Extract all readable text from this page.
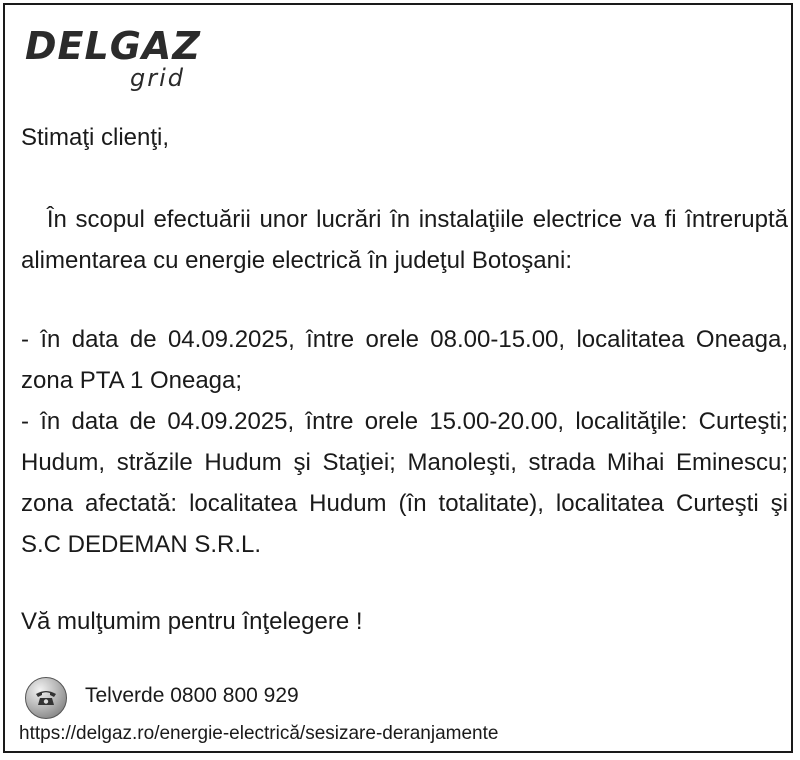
DELGAZ
grid

Stimaţi clienţi,

În scopul efectuării unor lucrări în instalaţiile electrice va fi întreruptă alimentarea cu energie electrică în judeţul Botoşani:

- în data de 04.09.2025, între orele 08.00-15.00, localitatea Oneaga, zona PTA 1 Oneaga;

- în data de 04.09.2025, între orele 15.00-20.00, localităţile: Curteşti; Hudum, străzile Hudum şi Staţiei; Manoleşti, strada Mihai Eminescu; zona afectată: localitatea Hudum (în totalitate), localitatea Curteşti şi S.C DEDEMAN S.R.L.

Vă mulţumim pentru înţelegere !

Telverde 0800 800 929
https://delgaz.ro/energie-electrică/sesizare-deranjamente
